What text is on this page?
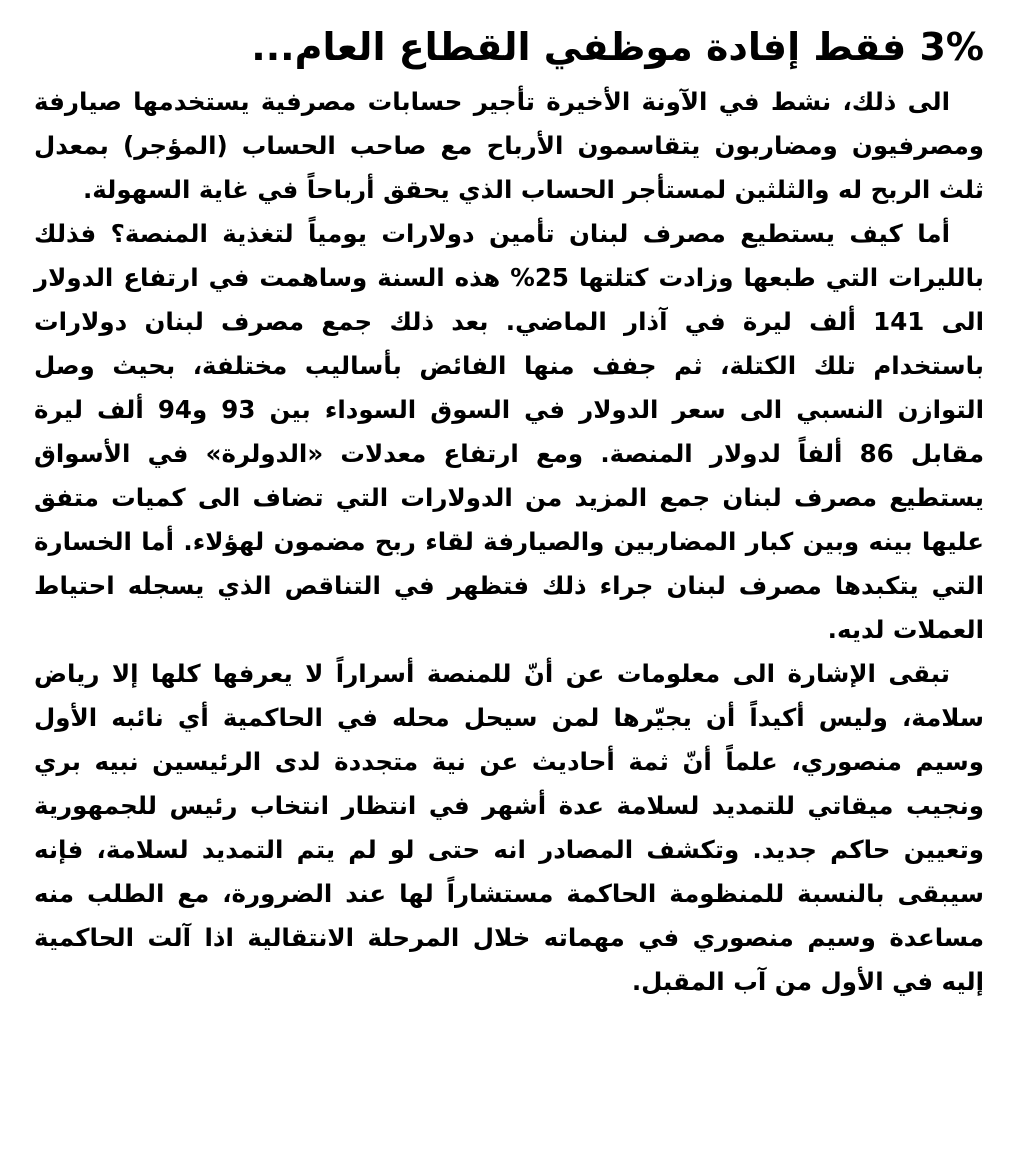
3% فقط إفادة موظفي القطاع العام...

الى ذلك، نشط في الآونة الأخيرة تأجير حسابات مصرفية يستخدمها صيارفة ومصرفيون ومضاربون يتقاسمون الأرباح مع صاحب الحساب (المؤجر) بمعدل ثلث الربح له والثلثين لمستأجر الحساب الذي يحقق أرباحاً في غاية السهولة.

أما كيف يستطيع مصرف لبنان تأمين دولارات يومياً لتغذية المنصة؟ فذلك بالليرات التي طبعها وزادت كتلتها 25% هذه السنة وساهمت في ارتفاع الدولار الى 141 ألف ليرة في آذار الماضي. بعد ذلك جمع مصرف لبنان دولارات باستخدام تلك الكتلة، ثم جفف منها الفائض بأساليب مختلفة، بحيث وصل التوازن النسبي الى سعر الدولار في السوق السوداء بين 93 و94 ألف ليرة مقابل 86 ألفاً لدولار المنصة. ومع ارتفاع معدلات «الدولرة» في الأسواق يستطيع مصرف لبنان جمع المزيد من الدولارات التي تضاف الى كميات متفق عليها بينه وبين كبار المضاربين والصيارفة لقاء ربح مضمون لهؤلاء. أما الخسارة التي يتكبدها مصرف لبنان جراء ذلك فتظهر في التناقص الذي يسجله احتياط العملات لديه.

تبقى الإشارة الى معلومات عن أنّ للمنصة أسراراً لا يعرفها كلها إلا رياض سلامة، وليس أكيداً أن يجيّرها لمن سيحل محله في الحاكمية أي نائبه الأول وسيم منصوري، علماً أنّ ثمة أحاديث عن نية متجددة لدى الرئيسين نبيه بري ونجيب ميقاتي للتمديد لسلامة عدة أشهر في انتظار انتخاب رئيس للجمهورية وتعيين حاكم جديد. وتكشف المصادر انه حتى لو لم يتم التمديد لسلامة، فإنه سيبقى بالنسبة للمنظومة الحاكمة مستشاراً لها عند الضرورة، مع الطلب منه مساعدة وسيم منصوري في مهماته خلال المرحلة الانتقالية اذا آلت الحاكمية إليه في الأول من آب المقبل.
